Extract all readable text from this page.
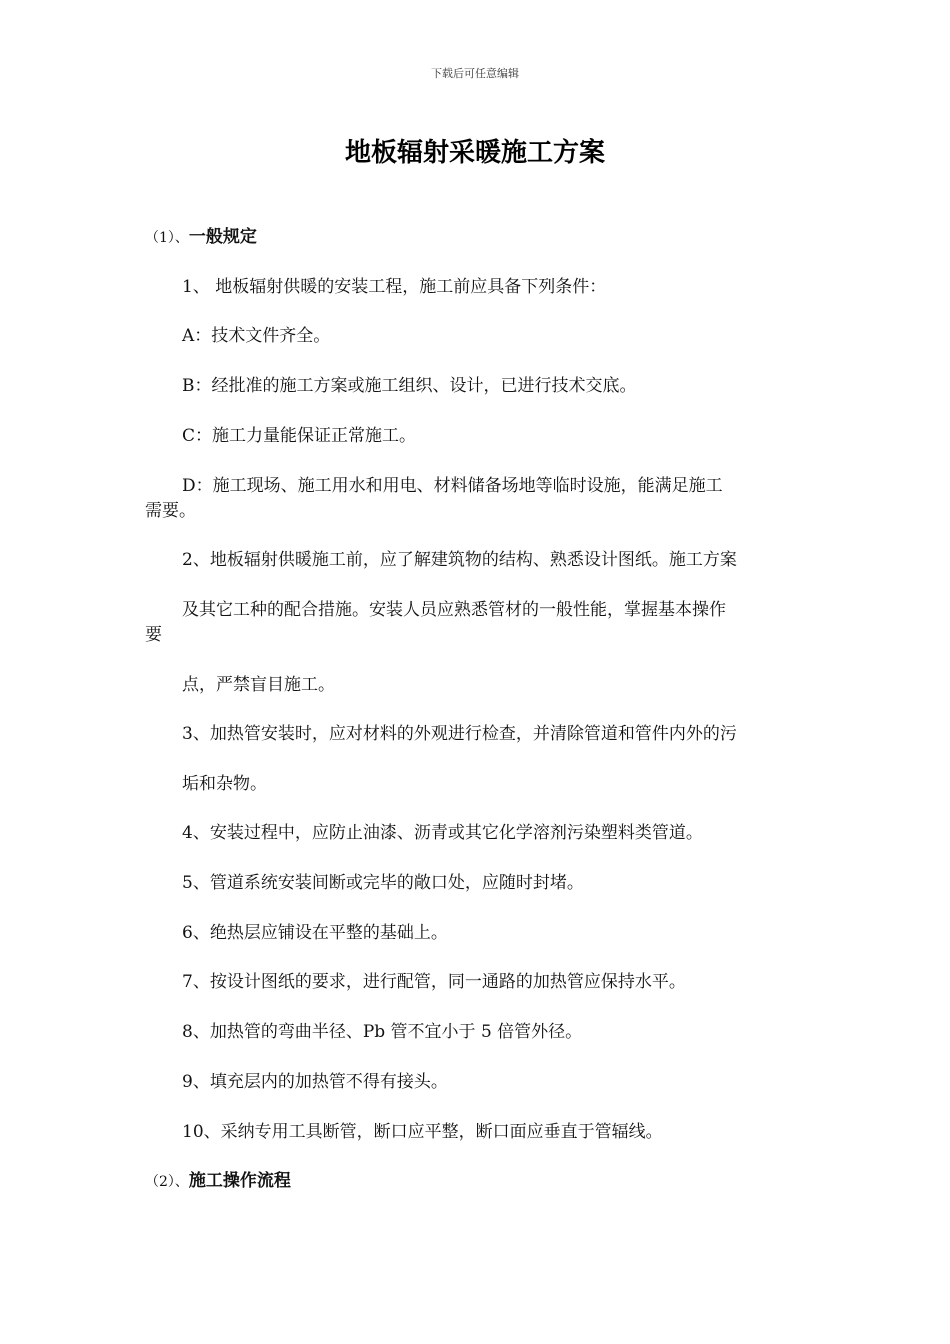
下载后可任意编辑
地板辐射采暖施工方案
（1）、一般规定
1、 地板辐射供暖的安装工程，施工前应具备下列条件：
A：技术文件齐全。
B：经批准的施工方案或施工组织、设计，已进行技术交底。
C：施工力量能保证正常施工。
D：施工现场、施工用水和用电、材料储备场地等临时设施，能满足施工
需要。
2、地板辐射供暖施工前，应了解建筑物的结构、熟悉设计图纸。施工方案
及其它工种的配合措施。安装人员应熟悉管材的一般性能，掌握基本操作
要
点，严禁盲目施工。
3、加热管安装时，应对材料的外观进行检查，并清除管道和管件内外的污
垢和杂物。
4、安装过程中，应防止油漆、沥青或其它化学溶剂污染塑料类管道。
5、管道系统安装间断或完毕的敞口处，应随时封堵。
6、绝热层应铺设在平整的基础上。
7、按设计图纸的要求，进行配管，同一通路的加热管应保持水平。
8、加热管的弯曲半径、Pb 管不宜小于 5 倍管外径。
9、填充层内的加热管不得有接头。
10、采纳专用工具断管，断口应平整，断口面应垂直于管辐线。
（2）、施工操作流程
